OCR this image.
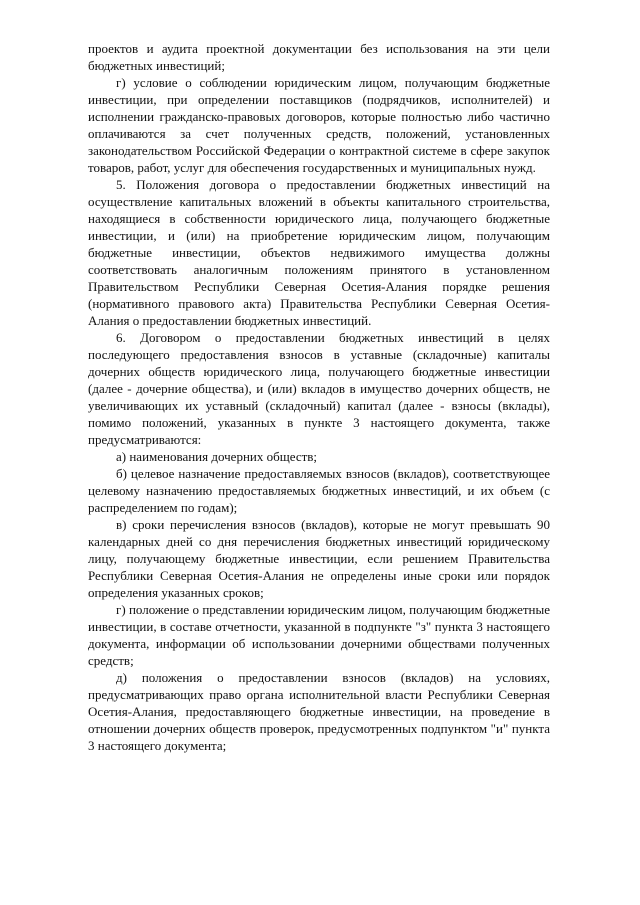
проектов и аудита проектной документации без использования на эти цели бюджетных инвестиций;

г) условие о соблюдении юридическим лицом, получающим бюджетные инвестиции, при определении поставщиков (подрядчиков, исполнителей) и исполнении гражданско-правовых договоров, которые полностью либо частично оплачиваются за счет полученных средств, положений, установленных законодательством Российской Федерации о контрактной системе в сфере закупок товаров, работ, услуг для обеспечения государственных и муниципальных нужд.

5. Положения договора о предоставлении бюджетных инвестиций на осуществление капитальных вложений в объекты капитального строительства, находящиеся в собственности юридического лица, получающего бюджетные инвестиции, и (или) на приобретение юридическим лицом, получающим бюджетные инвестиции, объектов недвижимого имущества должны соответствовать аналогичным положениям принятого в установленном Правительством Республики Северная Осетия-Алания порядке решения (нормативного правового акта) Правительства Республики Северная Осетия-Алания о предоставлении бюджетных инвестиций.

6. Договором о предоставлении бюджетных инвестиций в целях последующего предоставления взносов в уставные (складочные) капиталы дочерних обществ юридического лица, получающего бюджетные инвестиции (далее - дочерние общества), и (или) вкладов в имущество дочерних обществ, не увеличивающих их уставный (складочный) капитал (далее - взносы (вклады), помимо положений, указанных в пункте 3 настоящего документа, также предусматриваются:

а) наименования дочерних обществ;

б) целевое назначение предоставляемых взносов (вкладов), соответствующее целевому назначению предоставляемых бюджетных инвестиций, и их объем (с распределением по годам);

в) сроки перечисления взносов (вкладов), которые не могут превышать 90 календарных дней со дня перечисления бюджетных инвестиций юридическому лицу, получающему бюджетные инвестиции, если решением Правительства Республики Северная Осетия-Алания не определены иные сроки или порядок определения указанных сроков;

г) положение о представлении юридическим лицом, получающим бюджетные инвестиции, в составе отчетности, указанной в подпункте "з" пункта 3 настоящего документа, информации об использовании дочерними обществами полученных средств;

д) положения о предоставлении взносов (вкладов) на условиях, предусматривающих право органа исполнительной власти Республики Северная Осетия-Алания, предоставляющего бюджетные инвестиции, на проведение в отношении дочерних обществ проверок, предусмотренных подпунктом "и" пункта 3 настоящего документа;
